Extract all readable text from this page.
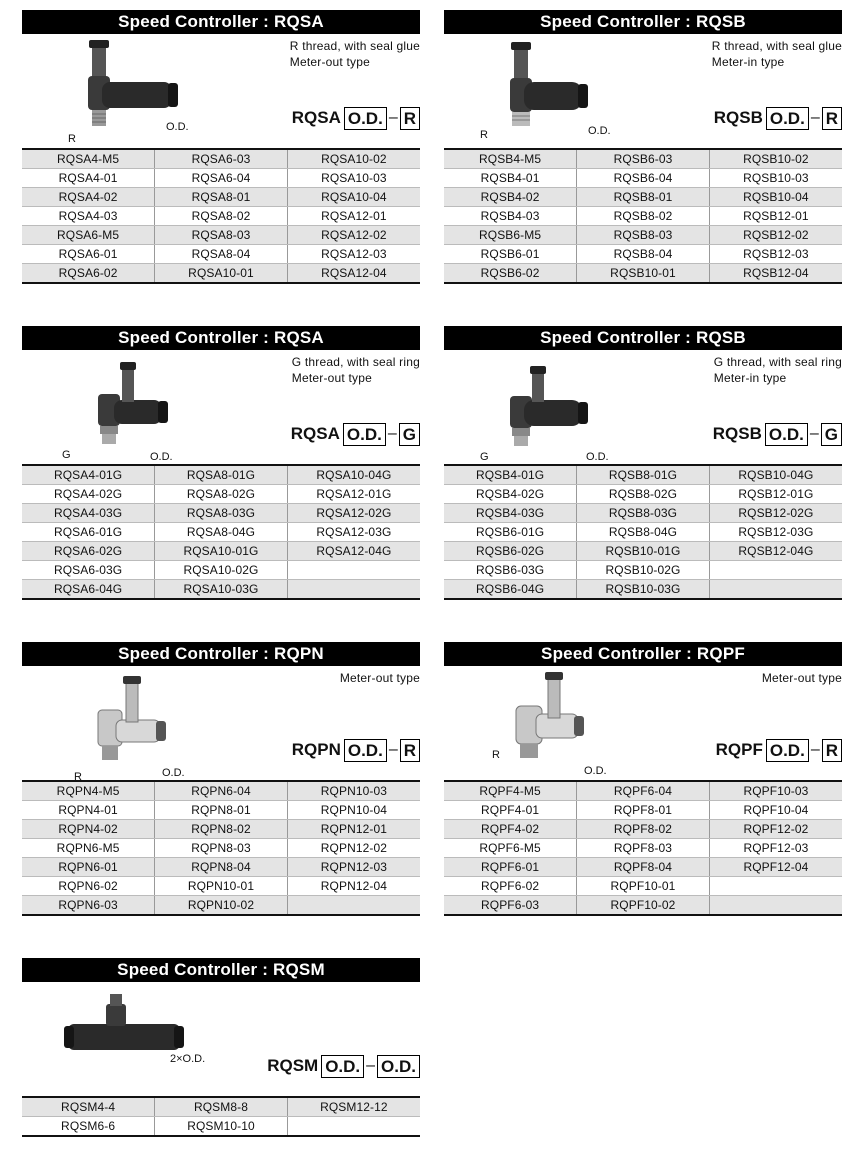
Speed Controller : RQSA
R
O.D.
R thread, with seal glue
Meter-out type
RQSA O.D. – R
RQSA4-M5	RQSA6-03	RQSA10-02
RQSA4-01	RQSA6-04	RQSA10-03
RQSA4-02	RQSA8-01	RQSA10-04
RQSA4-03	RQSA8-02	RQSA12-01
RQSA6-M5	RQSA8-03	RQSA12-02
RQSA6-01	RQSA8-04	RQSA12-03
RQSA6-02	RQSA10-01	RQSA12-04
Speed Controller : RQSB
R	O.D.
R thread, with seal glue
Meter-in type
RQSB O.D. – R
RQSB4-M5	RQSB6-03	RQSB10-02
RQSB4-01	RQSB6-04	RQSB10-03
RQSB4-02	RQSB8-01	RQSB10-04
RQSB4-03	RQSB8-02	RQSB12-01
RQSB6-M5	RQSB8-03	RQSB12-02
RQSB6-01	RQSB8-04	RQSB12-03
RQSB6-02	RQSB10-01	RQSB12-04
Speed Controller : RQSA
G	O.D.
G thread, with seal ring
Meter-out type
RQSA O.D. – G
RQSA4-01G	RQSA8-01G	RQSA10-04G
RQSA4-02G	RQSA8-02G	RQSA12-01G
RQSA4-03G	RQSA8-03G	RQSA12-02G
RQSA6-01G	RQSA8-04G	RQSA12-03G
RQSA6-02G	RQSA10-01G	RQSA12-04G
RQSA6-03G	RQSA10-02G	
RQSA6-04G	RQSA10-03G	
Speed Controller : RQSB
G	O.D.
G thread, with seal ring
Meter-in type
RQSB O.D. – G
RQSB4-01G	RQSB8-01G	RQSB10-04G
RQSB4-02G	RQSB8-02G	RQSB12-01G
RQSB4-03G	RQSB8-03G	RQSB12-02G
RQSB6-01G	RQSB8-04G	RQSB12-03G
RQSB6-02G	RQSB10-01G	RQSB12-04G
RQSB6-03G	RQSB10-02G	
RQSB6-04G	RQSB10-03G	
Speed Controller : RQPN
R	O.D.
Meter-out type
RQPN O.D. – R
RQPN4-M5	RQPN6-04	RQPN10-03
RQPN4-01	RQPN8-01	RQPN10-04
RQPN4-02	RQPN8-02	RQPN12-01
RQPN6-M5	RQPN8-03	RQPN12-02
RQPN6-01	RQPN8-04	RQPN12-03
RQPN6-02	RQPN10-01	RQPN12-04
RQPN6-03	RQPN10-02	
Speed Controller : RQPF
R
O.D.
Meter-out type
RQPF O.D. – R
RQPF4-M5	RQPF6-04	RQPF10-03
RQPF4-01	RQPF8-01	RQPF10-04
RQPF4-02	RQPF8-02	RQPF12-02
RQPF6-M5	RQPF8-03	RQPF12-03
RQPF6-01	RQPF8-04	RQPF12-04
RQPF6-02	RQPF10-01	
RQPF6-03	RQPF10-02	
Speed Controller : RQSM
2×O.D.	RQSM O.D. – O.D.
RQSM4-4	RQSM8-8	RQSM12-12
RQSM6-6	RQSM10-10	
